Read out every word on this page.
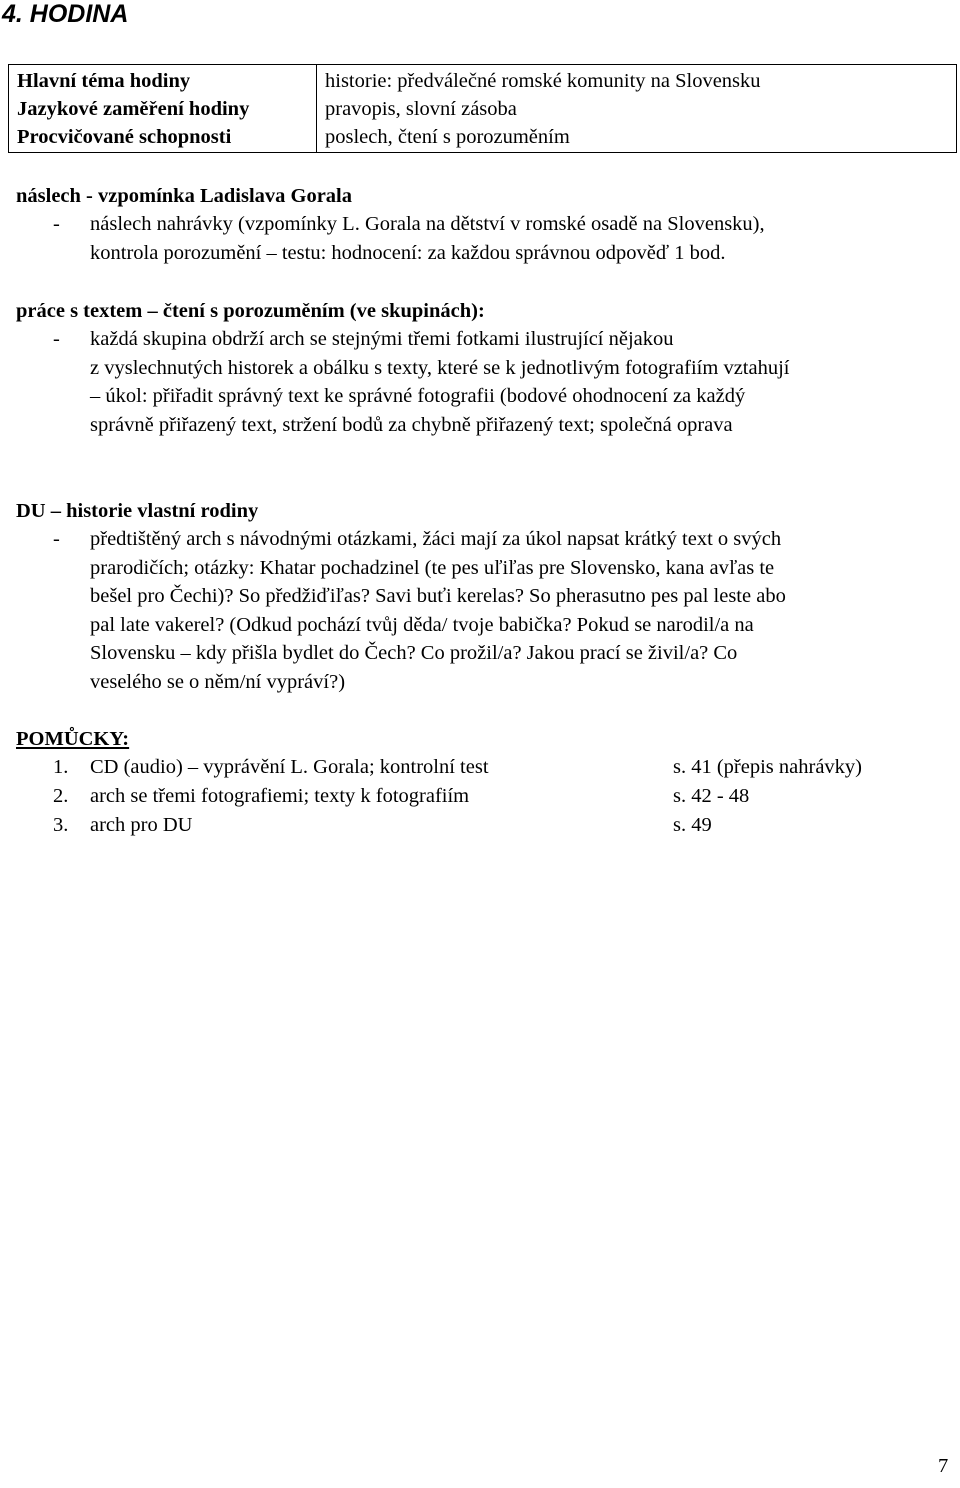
4. HODINA
Hlavní téma hodiny	historie: předválečné romské komunity na Slovensku
Jazykové zaměření hodiny	pravopis, slovní zásoba
Procvičované schopnosti	poslech, čtení s porozuměním
náslech - vzpomínka Ladislava Gorala
- náslech nahrávky (vzpomínky L. Gorala na dětství v romské osadě na Slovensku),

kontrola porozumění – testu: hodnocení: za každou správnou odpověď 1 bod.

práce s textem – čtení s porozuměním (ve skupinách):
- každá skupina obdrží arch se stejnými třemi fotkami ilustrující nějakou

z vyslechnutých historek a obálku s texty, které se k jednotlivým fotografiím vztahují

– úkol: přiřadit správný text ke správné fotografii (bodové ohodnocení za každý

správně přiřazený text, stržení bodů za chybně přiřazený text; společná oprava

DU – historie vlastní rodiny
- předtištěný arch s návodnými otázkami, žáci mají za úkol napsat krátký text o svých

prarodičích; otázky: Khatar pochadzinel (te pes uľiľas pre Slovensko, kana avľas te

bešel pro Čechi)? So předžiďiľas? Savi buťi kerelas? So pherasutno pes pal leste abo

pal late vakerel? (Odkud pochází tvůj děda/ tvoje babička? Pokud se narodil/a na

Slovensku – kdy přišla bydlet do Čech? Co prožil/a? Jakou prací se živil/a? Co

veselého se o něm/ní vypráví?)

POMŮCKY:
1. CD (audio) – vyprávění L. Gorala; kontrolní test	s. 41 (přepis nahrávky)
2. arch se třemi fotografiemi; texty k fotografiím	s. 42 - 48
3. arch pro DU	s. 49
7
